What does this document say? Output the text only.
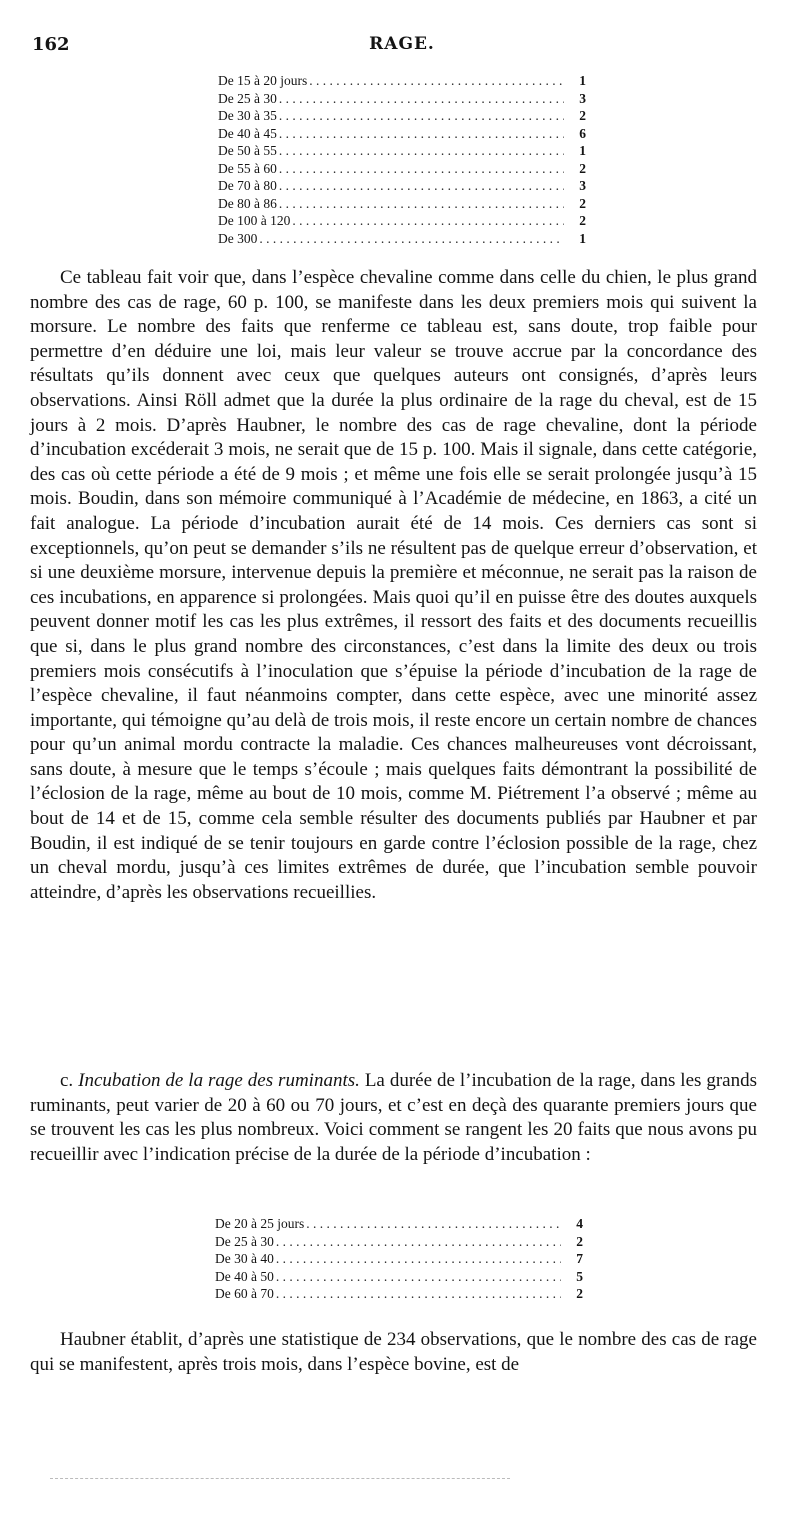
162	RAGE.
De 15 à 20 jours . . .	1
De 25 à 30 . . .	3
De 30 à 35 . . .	2
De 40 à 45 . . .	6
De 50 à 55 . . .	1
De 55 à 60 . . .	2
De 70 à 80 . . .	3
De 80 à 86 . . .	2
De 100 à 120 . . .	2
De 300 . . .	1

Ce tableau fait voir que, dans l’espèce chevaline comme dans celle du chien, le plus grand nombre des cas de rage, 60 p. 100, se manifeste dans les deux premiers mois qui suivent la morsure. Le nombre des faits que renferme ce tableau est, sans doute, trop faible pour permettre d’en déduire une loi, mais leur valeur se trouve accrue par la concordance des résultats qu’ils donnent avec ceux que quelques auteurs ont consignés, d’après leurs observations. Ainsi Röll admet que la durée la plus ordinaire de la rage du cheval, est de 15 jours à 2 mois. D’après Haubner, le nombre des cas de rage chevaline, dont la période d’incubation excéderait 3 mois, ne serait que de 15 p. 100. Mais il signale, dans cette catégorie, des cas où cette période a été de 9 mois ; et même une fois elle se serait prolongée jusqu’à 15 mois. Boudin, dans son mémoire communiqué à l’Académie de médecine, en 1863, a cité un fait analogue. La période d’incubation aurait été de 14 mois. Ces derniers cas sont si exceptionnels, qu’on peut se demander s’ils ne résultent pas de quelque erreur d’observation, et si une deuxième morsure, intervenue depuis la première et méconnue, ne serait pas la raison de ces incubations, en apparence si prolongées. Mais quoi qu’il en puisse être des doutes auxquels peuvent donner motif les cas les plus extrêmes, il ressort des faits et des documents recueillis que si, dans le plus grand nombre des circonstances, c’est dans la limite des deux ou trois premiers mois consécutifs à l’inoculation que s’épuise la période d’incubation de la rage de l’espèce chevaline, il faut néanmoins compter, dans cette espèce, avec une minorité assez importante, qui témoigne qu’au delà de trois mois, il reste encore un certain nombre de chances pour qu’un animal mordu contracte la maladie. Ces chances malheureuses vont décroissant, sans doute, à mesure que le temps s’écoule ; mais quelques faits démontrant la possibilité de l’éclosion de la rage, même au bout de 10 mois, comme M. Piétrement l’a observé ; même au bout de 14 et de 15, comme cela semble résulter des documents publiés par Haubner et par Boudin, il est indiqué de se tenir toujours en garde contre l’éclosion possible de la rage, chez un cheval mordu, jusqu’à ces limites extrêmes de durée, que l’incubation semble pouvoir atteindre, d’après les observations recueillies.

c. Incubation de la rage des ruminants. La durée de l’incubation de la rage, dans les grands ruminants, peut varier de 20 à 60 ou 70 jours, et c’est en deçà des quarante premiers jours que se trouvent les cas les plus nombreux. Voici comment se rangent les 20 faits que nous avons pu recueillir avec l’indication précise de la durée de la période d’incubation :

De 20 à 25 jours . . .	4
De 25 à 30 . . .	2
De 30 à 40 . . .	7
De 40 à 50 . . .	5
De 60 à 70 . . .	2

Haubner établit, d’après une statistique de 234 observations, que le nombre des cas de rage qui se manifestent, après trois mois, dans l’espèce bovine, est de
